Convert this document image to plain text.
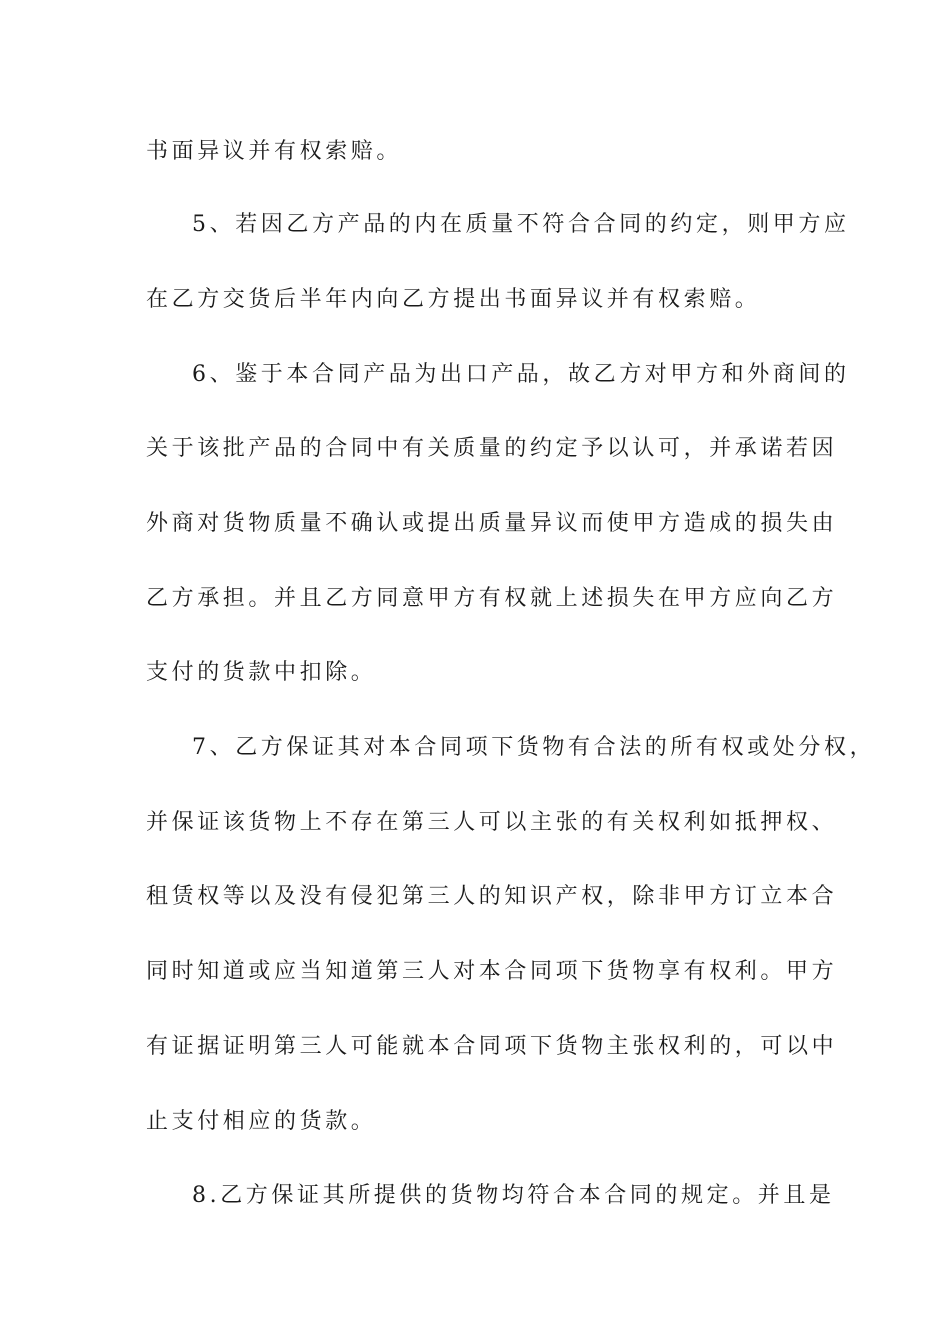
书面异议并有权索赔。
5、若因乙方产品的内在质量不符合合同的约定，则甲方应
在乙方交货后半年内向乙方提出书面异议并有权索赔。
6、鉴于本合同产品为出口产品，故乙方对甲方和外商间的
关于该批产品的合同中有关质量的约定予以认可，并承诺若因
外商对货物质量不确认或提出质量异议而使甲方造成的损失由
乙方承担。并且乙方同意甲方有权就上述损失在甲方应向乙方
支付的货款中扣除。
7、乙方保证其对本合同项下货物有合法的所有权或处分权，
并保证该货物上不存在第三人可以主张的有关权利如抵押权、
租赁权等以及没有侵犯第三人的知识产权，除非甲方订立本合
同时知道或应当知道第三人对本合同项下货物享有权利。甲方
有证据证明第三人可能就本合同项下货物主张权利的，可以中
止支付相应的货款。
8.乙方保证其所提供的货物均符合本合同的规定。并且是
